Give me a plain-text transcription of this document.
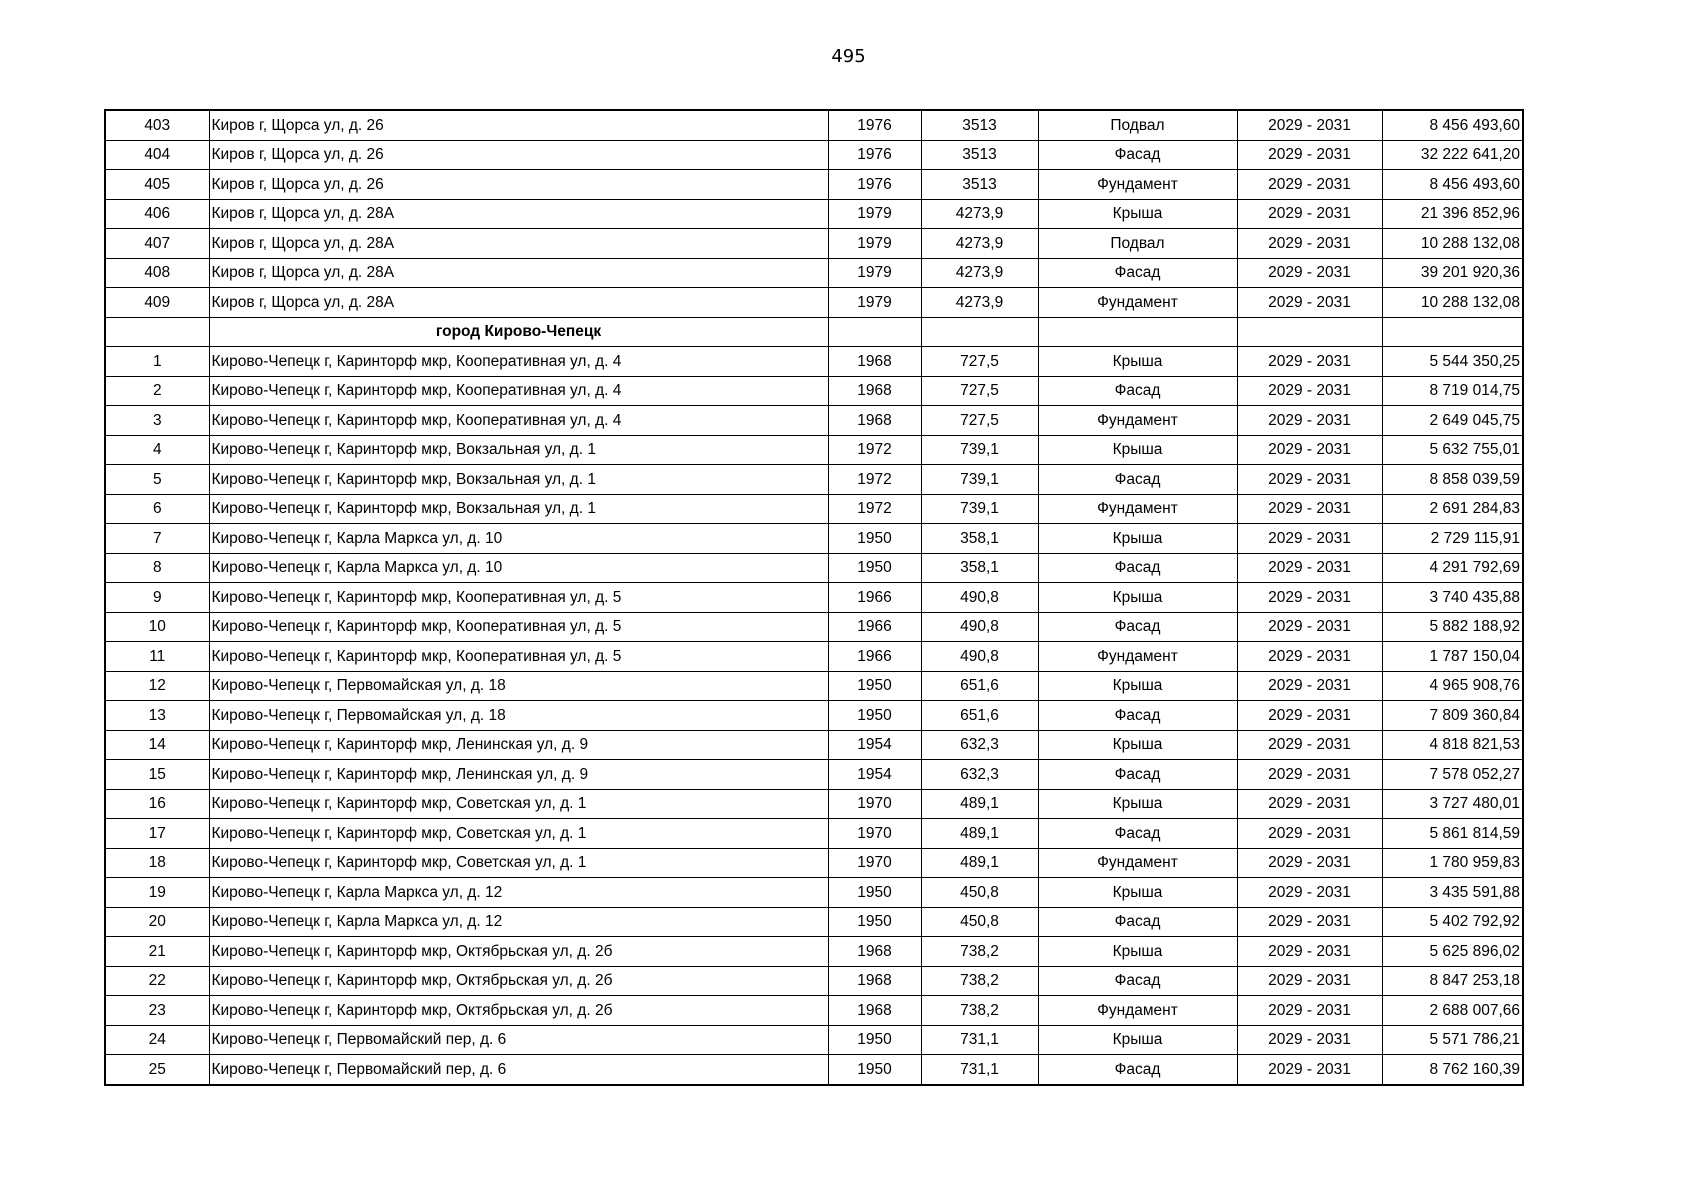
495
403	Киров г, Щорса ул, д. 26	1976	3513	Подвал	2029 - 2031	8 456 493,60
404	Киров г, Щорса ул, д. 26	1976	3513	Фасад	2029 - 2031	32 222 641,20
405	Киров г, Щорса ул, д. 26	1976	3513	Фундамент	2029 - 2031	8 456 493,60
406	Киров г, Щорса ул, д. 28А	1979	4273,9	Крыша	2029 - 2031	21 396 852,96
407	Киров г, Щорса ул, д. 28А	1979	4273,9	Подвал	2029 - 2031	10 288 132,08
408	Киров г, Щорса ул, д. 28А	1979	4273,9	Фасад	2029 - 2031	39 201 920,36
409	Киров г, Щорса ул, д. 28А	1979	4273,9	Фундамент	2029 - 2031	10 288 132,08
	город Кирово-Чепецк					
1	Кирово-Чепецк г, Каринторф мкр, Кооперативная ул, д. 4	1968	727,5	Крыша	2029 - 2031	5 544 350,25
2	Кирово-Чепецк г, Каринторф мкр, Кооперативная ул, д. 4	1968	727,5	Фасад	2029 - 2031	8 719 014,75
3	Кирово-Чепецк г, Каринторф мкр, Кооперативная ул, д. 4	1968	727,5	Фундамент	2029 - 2031	2 649 045,75
4	Кирово-Чепецк г, Каринторф мкр, Вокзальная ул, д. 1	1972	739,1	Крыша	2029 - 2031	5 632 755,01
5	Кирово-Чепецк г, Каринторф мкр, Вокзальная ул, д. 1	1972	739,1	Фасад	2029 - 2031	8 858 039,59
6	Кирово-Чепецк г, Каринторф мкр, Вокзальная ул, д. 1	1972	739,1	Фундамент	2029 - 2031	2 691 284,83
7	Кирово-Чепецк г, Карла Маркса ул, д. 10	1950	358,1	Крыша	2029 - 2031	2 729 115,91
8	Кирово-Чепецк г, Карла Маркса ул, д. 10	1950	358,1	Фасад	2029 - 2031	4 291 792,69
9	Кирово-Чепецк г, Каринторф мкр, Кооперативная ул, д. 5	1966	490,8	Крыша	2029 - 2031	3 740 435,88
10	Кирово-Чепецк г, Каринторф мкр, Кооперативная ул, д. 5	1966	490,8	Фасад	2029 - 2031	5 882 188,92
11	Кирово-Чепецк г, Каринторф мкр, Кооперативная ул, д. 5	1966	490,8	Фундамент	2029 - 2031	1 787 150,04
12	Кирово-Чепецк г, Первомайская ул, д. 18	1950	651,6	Крыша	2029 - 2031	4 965 908,76
13	Кирово-Чепецк г, Первомайская ул, д. 18	1950	651,6	Фасад	2029 - 2031	7 809 360,84
14	Кирово-Чепецк г, Каринторф мкр, Ленинская ул, д. 9	1954	632,3	Крыша	2029 - 2031	4 818 821,53
15	Кирово-Чепецк г, Каринторф мкр, Ленинская ул, д. 9	1954	632,3	Фасад	2029 - 2031	7 578 052,27
16	Кирово-Чепецк г, Каринторф мкр, Советская ул, д. 1	1970	489,1	Крыша	2029 - 2031	3 727 480,01
17	Кирово-Чепецк г, Каринторф мкр, Советская ул, д. 1	1970	489,1	Фасад	2029 - 2031	5 861 814,59
18	Кирово-Чепецк г, Каринторф мкр, Советская ул, д. 1	1970	489,1	Фундамент	2029 - 2031	1 780 959,83
19	Кирово-Чепецк г, Карла Маркса ул, д. 12	1950	450,8	Крыша	2029 - 2031	3 435 591,88
20	Кирово-Чепецк г, Карла Маркса ул, д. 12	1950	450,8	Фасад	2029 - 2031	5 402 792,92
21	Кирово-Чепецк г, Каринторф мкр, Октябрьская ул, д. 2б	1968	738,2	Крыша	2029 - 2031	5 625 896,02
22	Кирово-Чепецк г, Каринторф мкр, Октябрьская ул, д. 2б	1968	738,2	Фасад	2029 - 2031	8 847 253,18
23	Кирово-Чепецк г, Каринторф мкр, Октябрьская ул, д. 2б	1968	738,2	Фундамент	2029 - 2031	2 688 007,66
24	Кирово-Чепецк г, Первомайский пер, д. 6	1950	731,1	Крыша	2029 - 2031	5 571 786,21
25	Кирово-Чепецк г, Первомайский пер, д. 6	1950	731,1	Фасад	2029 - 2031	8 762 160,39
